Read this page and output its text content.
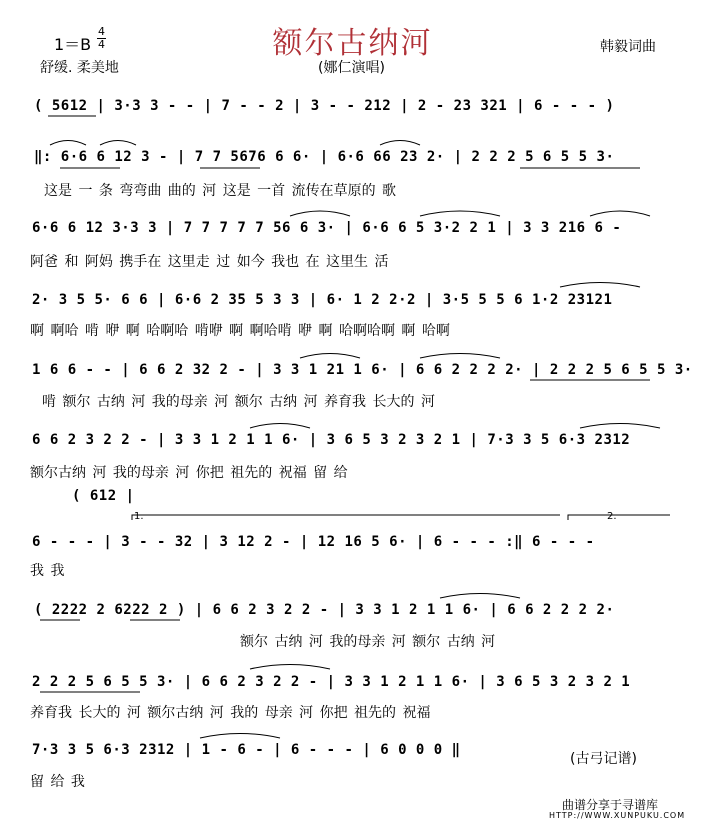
额尔古纳河
1＝B
4
4
舒缓. 柔美地
韩毅词曲
(娜仁演唱)
( 5612 | 3·3 3 - - | 7 - - 2 | 3 - - 212 | 2 - 23 321 | 6 - - - )
‖: 6·6 6 12 3 - | 7 7 5676 6 6· | 6·6 66 23 2· | 2 2 2 5 6 5 5 3·
这是 一 条 弯弯曲 曲的 河 这是 一首 流传在草原的 歌
6·6 6 12 3·3 3 | 7 7 7 7 7 56 6 3· | 6·6 6 5 3·2 2 1 | 3 3 216 6 -
阿爸 和 阿妈 携手在 这里走 过 如今 我也 在 这里生 活
2· 3 5 5· 6 6 | 6·6 2 35 5 3 3 | 6· 1 2 2·2 | 3·5 5 5 6 1·2 23121
啊 啊哈 啃 咿 啊 哈啊哈 啃咿 啊 啊哈啃 咿 啊 哈啊哈啊 啊 哈啊
1 6 6 - - | 6 6 2 32 2 - | 3 3 1 21 1 6· | 6 6 2 2 2 2· | 2 2 2 5 6 5 5 3·
啃 额尔 古纳 河 我的母亲 河 额尔 古纳 河 养育我 长大的 河
6 6 2 3 2 2 - | 3 3 1 2 1 1 6· | 3 6 5 3 2 3 2 1 | 7·3 3 5 6·3 2312
额尔古纳 河 我的母亲 河 你把 祖先的 祝福 留 给
( 612 |
1.	2.
6 - - - | 3 - - 32 | 3 12 2 - | 12 16 5 6· | 6 - - - :‖ 6 - - -
我 我
( 2222 2 6222 2 ) | 6 6 2 3 2 2 - | 3 3 1 2 1 1 6· | 6 6 2 2 2 2·
额尔 古纳 河 我的母亲 河 额尔 古纳 河
2 2 2 5 6 5 5 3· | 6 6 2 3 2 2 - | 3 3 1 2 1 1 6· | 3 6 5 3 2 3 2 1
养育我 长大的 河 额尔古纳 河 我的 母亲 河 你把 祖先的 祝福
7·3 3 5 6·3 2312 | 1 - 6 - | 6 - - - | 6 0 0 0 ‖
留 给 我
(古弓记谱)
曲谱分享于寻谱库
HTTP://WWW.XUNPUKU.COM
